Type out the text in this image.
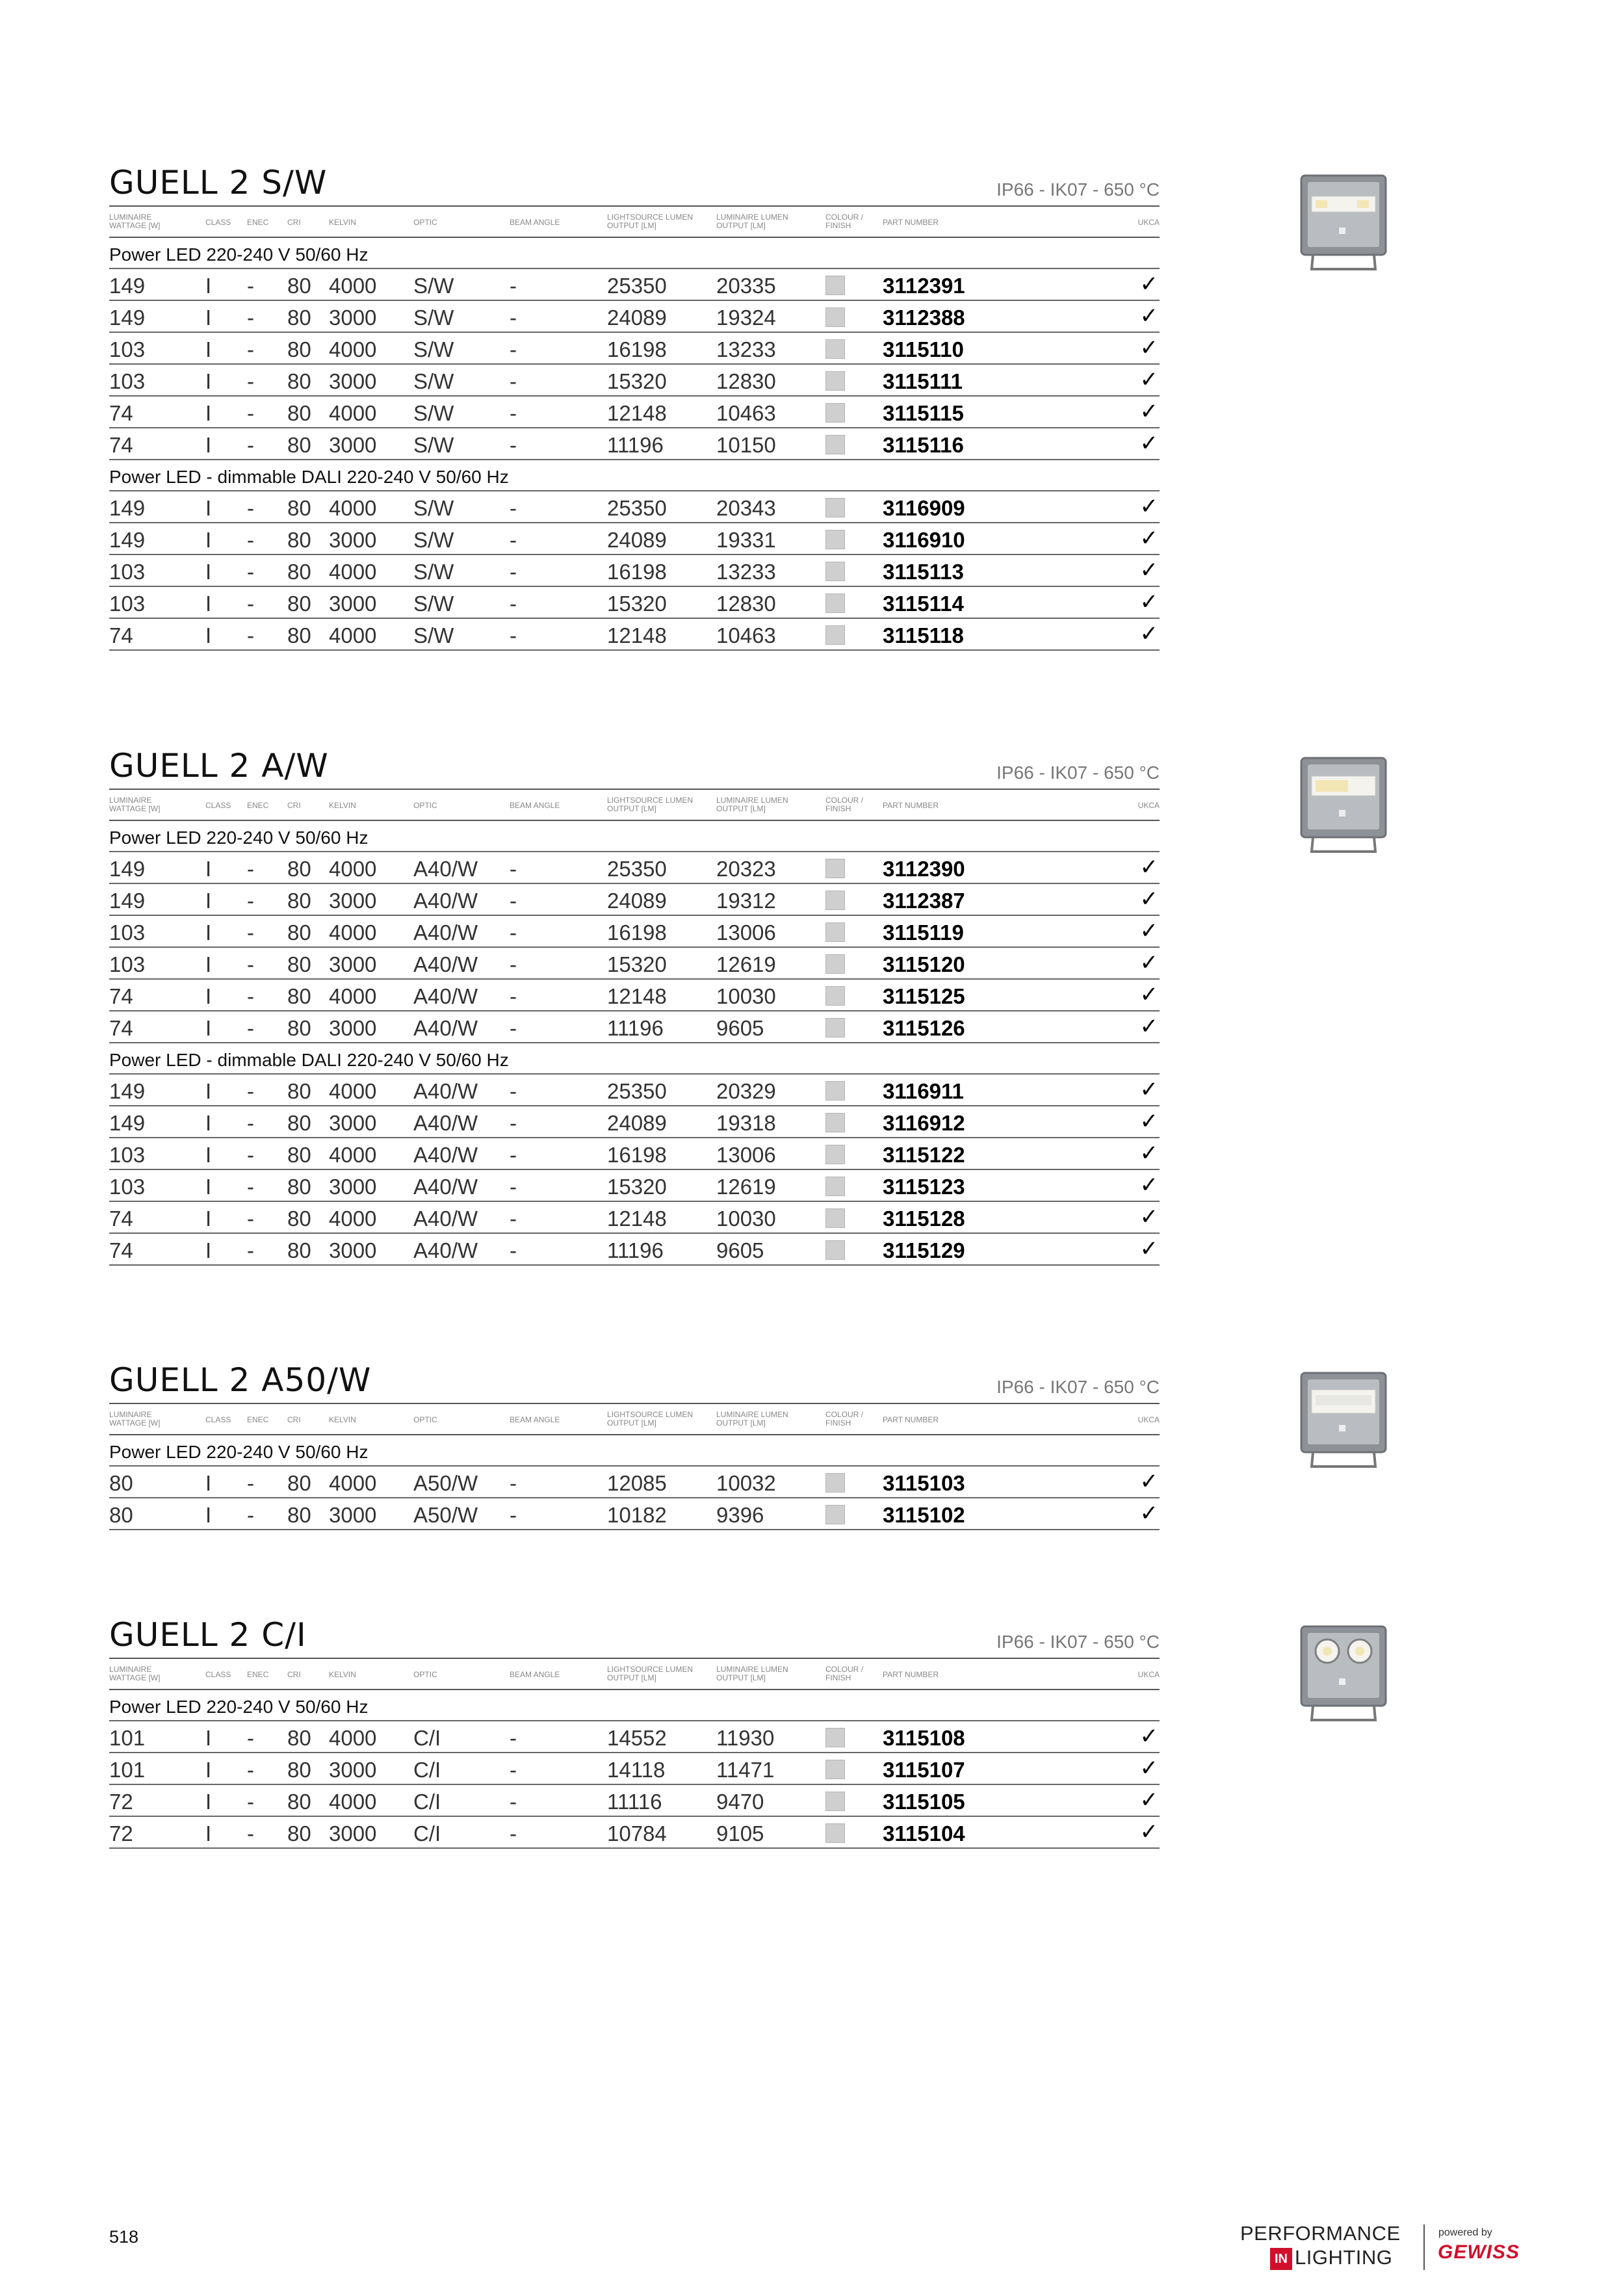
GUELL 2 S/W	IP66 - IK07 - 650 °C
LUMINAIRE
WATTAGE [W]	CLASS ENEC CRI	KELVIN	OPTIC	BEAM ANGLE
LIGHTSOURCE LUMEN
OUTPUT [LM]
LUMINAIRE LUMEN
OUTPUT [LM]
COLOUR /
FINISH	PART NUMBER	UKCA
Power LED 220-240 V 50/60 Hz
149	I - 80 4000 S/W	-	25350 20335	3112391	✓
149	I - 80 3000 S/W	-	24089 19324	3112388	✓
103	I - 80 4000 S/W	-	16198 13233	3115110	✓
103	I - 80 3000 S/W	-	15320 12830	3115111	✓
74	I - 80 4000 S/W	-	12148 10463	3115115	✓
74	I - 80 3000 S/W	-	11196 10150	3115116	✓
Power LED - dimmable DALI 220-240 V 50/60 Hz
149	I - 80 4000 S/W	-	25350 20343	3116909	✓
149	I - 80 3000 S/W	-	24089 19331	3116910	✓
103	I - 80 4000 S/W	-	16198 13233	3115113	✓
103	I - 80 3000 S/W	-	15320 12830	3115114	✓
74	I - 80 4000 S/W	-	12148 10463	3115118	✓
GUELL 2 A/W	IP66 - IK07 - 650 °C
LUMINAIRE
WATTAGE [W]	CLASS ENEC CRI	KELVIN	OPTIC	BEAM ANGLE
LIGHTSOURCE LUMEN
OUTPUT [LM]
LUMINAIRE LUMEN
OUTPUT [LM]
COLOUR /
FINISH	PART NUMBER	UKCA
Power LED 220-240 V 50/60 Hz
149	I - 80 4000 A40/W -	25350 20323	3112390	✓
149	I - 80 3000 A40/W -	24089 19312	3112387	✓
103	I - 80 4000 A40/W -	16198 13006	3115119	✓
103	I - 80 3000 A40/W -	15320 12619	3115120	✓
74	I - 80 4000 A40/W -	12148 10030	3115125	✓
74	I - 80 3000 A40/W -	11196 9605	3115126	✓
Power LED - dimmable DALI 220-240 V 50/60 Hz
149	I - 80 4000 A40/W -	25350 20329	3116911	✓
149	I - 80 3000 A40/W -	24089 19318	3116912	✓
103	I - 80 4000 A40/W -	16198 13006	3115122	✓
103	I - 80 3000 A40/W -	15320 12619	3115123	✓
74	I - 80 4000 A40/W -	12148 10030	3115128	✓
74	I - 80 3000 A40/W -	11196 9605	3115129	✓
GUELL 2 A50/W	IP66 - IK07 - 650 °C
LUMINAIRE
WATTAGE [W]	CLASS ENEC CRI	KELVIN	OPTIC	BEAM ANGLE
LIGHTSOURCE LUMEN
OUTPUT [LM]
LUMINAIRE LUMEN
OUTPUT [LM]
COLOUR /
FINISH	PART NUMBER	UKCA
Power LED 220-240 V 50/60 Hz
80	I - 80 4000 A50/W -	12085 10032	3115103	✓
80	I - 80 3000 A50/W -	10182 9396	3115102	✓
GUELL 2 C/I	IP66 - IK07 - 650 °C
LUMINAIRE
WATTAGE [W]	CLASS ENEC CRI	KELVIN	OPTIC	BEAM ANGLE
LIGHTSOURCE LUMEN
OUTPUT [LM]
LUMINAIRE LUMEN
OUTPUT [LM]
COLOUR /
FINISH	PART NUMBER	UKCA
Power LED 220-240 V 50/60 Hz
101	I - 80 4000 C/I	-	14552 11930	3115108	✓
101	I - 80 3000 C/I	-	14118 11471	3115107	✓
72	I - 80 4000 C/I	-	11116	9470	3115105	✓
72	I - 80 3000 C/I	-	10784 9105	3115104	✓
518	PERFORMANCE
IN LIGHTING
powered by
GEWISS
